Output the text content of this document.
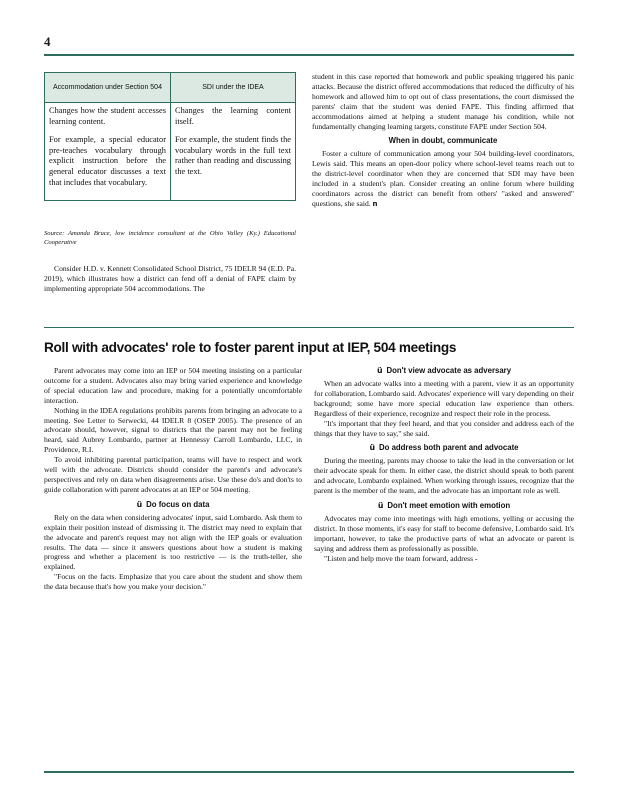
4
Accommodation under Section 504	SDI under the IDEA

Changes how the student accesses learning content.

For example, a special educator pre-teaches vocabulary through explicit instruction before the general educator discusses a text that includes that vocabulary.

Changes the learning content itself.

For example, the student finds the vocabulary words in the full text rather than reading and discussing the text.

Source: Amanda Bruce, low incidence consultant at the Ohio Valley (Ky.) Educational Cooperative

Consider H.D. v. Kennett Consolidated School District, 75 IDELR 94 (E.D. Pa. 2019), which illustrates how a district can fend off a denial of FAPE claim by implementing appropriate 504 accommodations. The

student in this case reported that homework and public speaking triggered his panic attacks. Because the district offered accommodations that reduced the difficulty of his homework and allowed him to opt out of class presentations, the court dismissed the parents' claim that the student was denied FAPE. This finding affirmed that accommodations aimed at helping a student manage his condition, while not fundamentally changing learning targets, constitute FAPE under Section 504.

When in doubt, communicate

Foster a culture of communication among your 504 building-level coordinators, Lewis said. This means an open-door policy where school-level teams reach out to the district-level coordinator when they are concerned that SDI may have been included in a student's plan. Consider creating an online forum where building coordinators across the district can benefit from others' "asked and answered" questions, she said. n

Roll with advocates' role to foster parent input at IEP, 504 meetings

Parent advocates may come into an IEP or 504 meeting insisting on a particular outcome for a student. Advocates also may bring varied experience and knowledge of special education law and procedure, making for a potentially uncomfortable interaction.

Nothing in the IDEA regulations prohibits parents from bringing an advocate to a meeting. See Letter to Serwecki, 44 IDELR 8 (OSEP 2005). The presence of an advocate should, however, signal to districts that the parent may not be feeling heard, said Aubrey Lombardo, partner at Hennessy Carroll Lombardo, LLC, in Providence, R.I.

To avoid inhibiting parental participation, teams will have to respect and work well with the advocate. Districts should consider the parent's and advocate's perspectives and rely on data when disagreements arise. Use these do's and don'ts to guide collaboration with parent advocates at an IEP or 504 meeting.

ü Do focus on data

Rely on the data when considering advocates' input, said Lombardo. Ask them to explain their position instead of dismissing it. The district may need to explain that the advocate and parent's request may not align with the IEP goals or evaluation results. The data — since it answers questions about how a student is making progress and whether a placement is too restrictive — is the truth-teller, she explained.

"Focus on the facts. Emphasize that you care about the student and show them the data because that's how you make your decision."

ü Don't view advocate as adversary

When an advocate walks into a meeting with a parent, view it as an opportunity for collaboration, Lombardo said. Advocates' experience will vary depending on their background; some have more special education law experience than others. Regardless of their experience, recognize and respect their role in the process.

"It's important that they feel heard, and that you consider and address each of the things that they have to say," she said.

ü Do address both parent and advocate

During the meeting, parents may choose to take the lead in the conversation or let their advocate speak for them. In either case, the district should speak to both parent and advocate, Lombardo explained. When working through issues, recognize that the parent is the member of the team, and the advocate has an important role as well.

ü Don't meet emotion with emotion

Advocates may come into meetings with high emotions, yelling or accusing the district. In those moments, it's easy for staff to become defensive, Lombardo said. It's important, however, to take the productive parts of what an advocate or parent is saying and address them as professionally as possible.

"Listen and help move the team forward, address -
